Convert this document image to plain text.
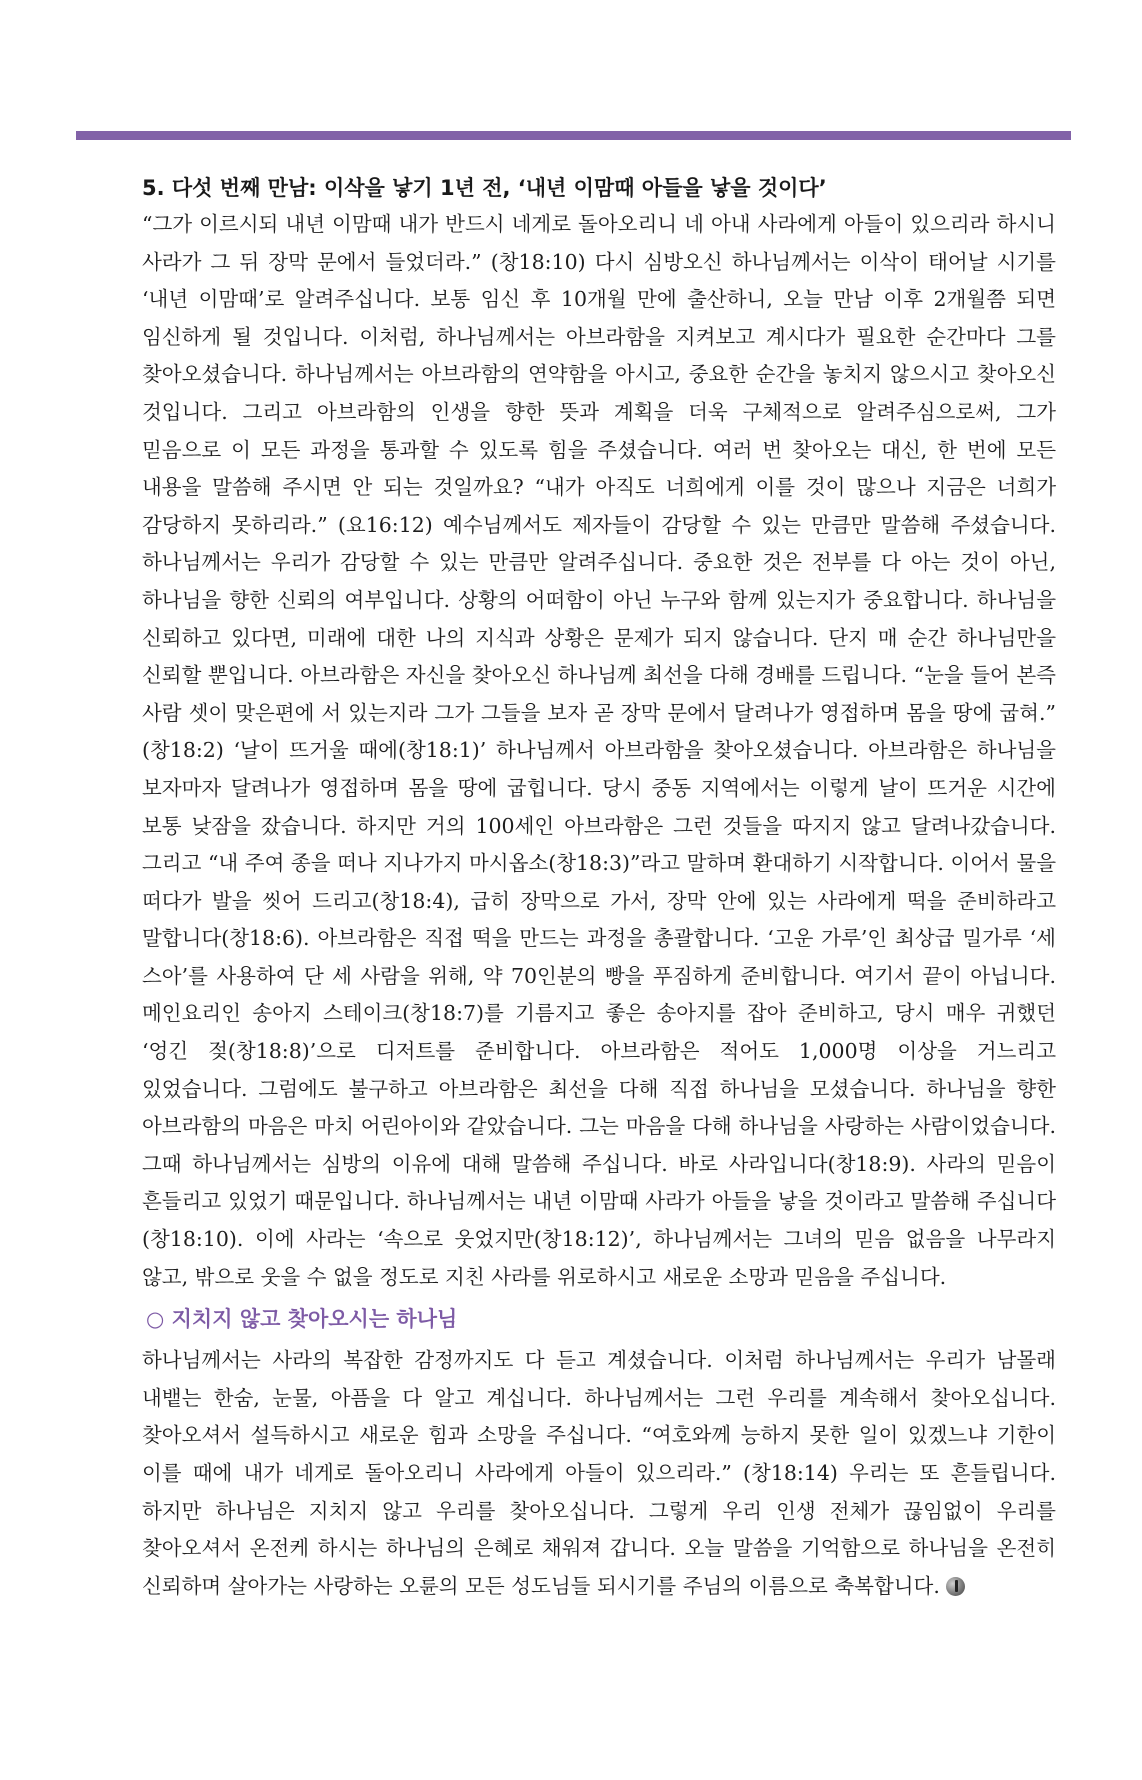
5. 다섯 번째 만남: 이삭을 낳기 1년 전, ‘내년 이맘때 아들을 낳을 것이다’

“그가 이르시되 내년 이맘때 내가 반드시 네게로 돌아오리니 네 아내 사라에게 아들이 있으리라 하시니 사라가 그 뒤 장막 문에서 들었더라.” (창18:10) 다시 심방오신 하나님께서는 이삭이 태어날 시기를 ‘내년 이맘때’로 알려주십니다. 보통 임신 후 10개월 만에 출산하니, 오늘 만남 이후 2개월쯤 되면 임신하게 될 것입니다. 이처럼, 하나님께서는 아브라함을 지켜보고 계시다가 필요한 순간마다 그를 찾아오셨습니다. 하나님께서는 아브라함의 연약함을 아시고, 중요한 순간을 놓치지 않으시고 찾아오신 것입니다. 그리고 아브라함의 인생을 향한 뜻과 계획을 더욱 구체적으로 알려주심으로써, 그가 믿음으로 이 모든 과정을 통과할 수 있도록 힘을 주셨습니다. 여러 번 찾아오는 대신, 한 번에 모든 내용을 말씀해 주시면 안 되는 것일까요? “내가 아직도 너희에게 이를 것이 많으나 지금은 너희가 감당하지 못하리라.” (요16:12) 예수님께서도 제자들이 감당할 수 있는 만큼만 말씀해 주셨습니다. 하나님께서는 우리가 감당할 수 있는 만큼만 알려주십니다. 중요한 것은 전부를 다 아는 것이 아닌, 하나님을 향한 신뢰의 여부입니다. 상황의 어떠함이 아닌 누구와 함께 있는지가 중요합니다. 하나님을 신뢰하고 있다면, 미래에 대한 나의 지식과 상황은 문제가 되지 않습니다. 단지 매 순간 하나님만을 신뢰할 뿐입니다. 아브라함은 자신을 찾아오신 하나님께 최선을 다해 경배를 드립니다. “눈을 들어 본즉 사람 셋이 맞은편에 서 있는지라 그가 그들을 보자 곧 장막 문에서 달려나가 영접하며 몸을 땅에 굽혀.” (창18:2) ‘날이 뜨거울 때에(창18:1)’ 하나님께서 아브라함을 찾아오셨습니다. 아브라함은 하나님을 보자마자 달려나가 영접하며 몸을 땅에 굽힙니다. 당시 중동 지역에서는 이렇게 날이 뜨거운 시간에 보통 낮잠을 잤습니다. 하지만 거의 100세인 아브라함은 그런 것들을 따지지 않고 달려나갔습니다. 그리고 “내 주여 종을 떠나 지나가지 마시옵소(창18:3)”라고 말하며 환대하기 시작합니다. 이어서 물을 떠다가 발을 씻어 드리고(창18:4), 급히 장막으로 가서, 장막 안에 있는 사라에게 떡을 준비하라고 말합니다(창18:6). 아브라함은 직접 떡을 만드는 과정을 총괄합니다. ‘고운 가루’인 최상급 밀가루 ‘세 스아’를 사용하여 단 세 사람을 위해, 약 70인분의 빵을 푸짐하게 준비합니다. 여기서 끝이 아닙니다. 메인요리인 송아지 스테이크(창18:7)를 기름지고 좋은 송아지를 잡아 준비하고, 당시 매우 귀했던 ‘엉긴 젖(창18:8)’으로 디저트를 준비합니다. 아브라함은 적어도 1,000명 이상을 거느리고 있었습니다. 그럼에도 불구하고 아브라함은 최선을 다해 직접 하나님을 모셨습니다. 하나님을 향한 아브라함의 마음은 마치 어린아이와 같았습니다. 그는 마음을 다해 하나님을 사랑하는 사람이었습니다. 그때 하나님께서는 심방의 이유에 대해 말씀해 주십니다. 바로 사라입니다(창18:9). 사라의 믿음이 흔들리고 있었기 때문입니다. 하나님께서는 내년 이맘때 사라가 아들을 낳을 것이라고 말씀해 주십니다(창18:10). 이에 사라는 ‘속으로 웃었지만(창18:12)’, 하나님께서는 그녀의 믿음 없음을 나무라지 않고, 밖으로 웃을 수 없을 정도로 지친 사라를 위로하시고 새로운 소망과 믿음을 주십니다.

○ 지치지 않고 찾아오시는 하나님

하나님께서는 사라의 복잡한 감정까지도 다 듣고 계셨습니다. 이처럼 하나님께서는 우리가 남몰래 내뱉는 한숨, 눈물, 아픔을 다 알고 계십니다. 하나님께서는 그런 우리를 계속해서 찾아오십니다. 찾아오셔서 설득하시고 새로운 힘과 소망을 주십니다. “여호와께 능하지 못한 일이 있겠느냐 기한이 이를 때에 내가 네게로 돌아오리니 사라에게 아들이 있으리라.” (창18:14) 우리는 또 흔들립니다. 하지만 하나님은 지치지 않고 우리를 찾아오십니다. 그렇게 우리 인생 전체가 끊임없이 우리를 찾아오셔서 온전케 하시는 하나님의 은혜로 채워져 갑니다. 오늘 말씀을 기억함으로 하나님을 온전히 신뢰하며 살아가는 사랑하는 오륜의 모든 성도님들 되시기를 주님의 이름으로 축복합니다.
